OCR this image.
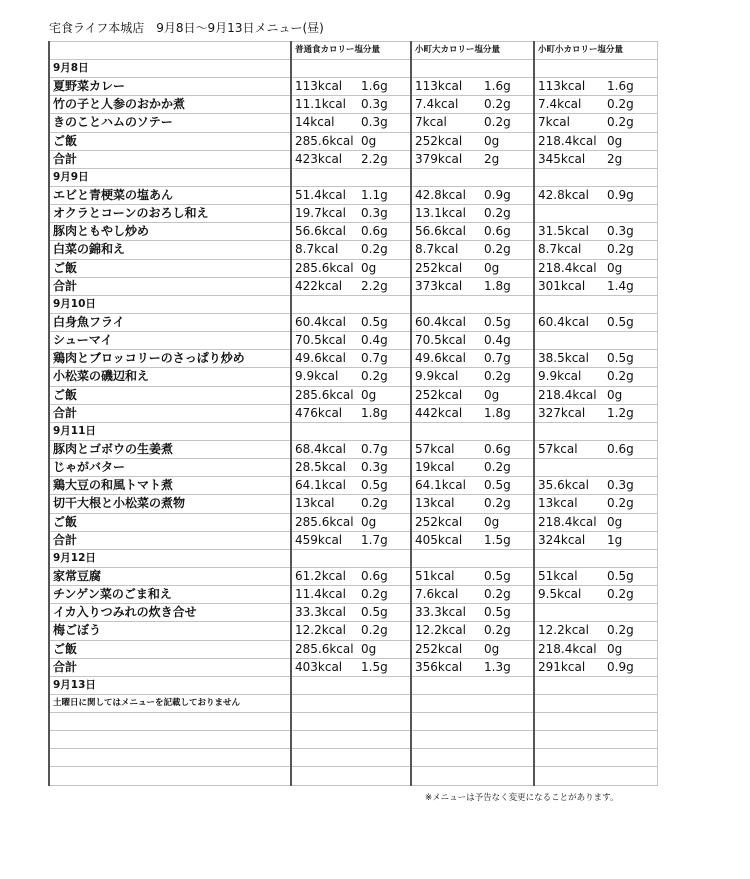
宅食ライフ本城店　9月8日〜9月13日メニュー(昼)
	普通食カロリー塩分量		小町大カロリー塩分量		小町小カロリー塩分量	
9月8日						
夏野菜カレー	113kcal	1.6g	113kcal	1.6g	113kcal	1.6g
竹の子と人参のおかか煮	11.1kcal	0.3g	7.4kcal	0.2g	7.4kcal	0.2g
きのことハムのソテー	14kcal	0.3g	7kcal	0.2g	7kcal	0.2g
ご飯	285.6kcal	0g	252kcal	0g	218.4kcal	0g
合計	423kcal	2.2g	379kcal	2g	345kcal	2g
9月9日						
エビと青梗菜の塩あん	51.4kcal	1.1g	42.8kcal	0.9g	42.8kcal	0.9g
オクラとコーンのおろし和え	19.7kcal	0.3g	13.1kcal	0.2g		
豚肉ともやし炒め	56.6kcal	0.6g	56.6kcal	0.6g	31.5kcal	0.3g
白菜の錦和え	8.7kcal	0.2g	8.7kcal	0.2g	8.7kcal	0.2g
ご飯	285.6kcal	0g	252kcal	0g	218.4kcal	0g
合計	422kcal	2.2g	373kcal	1.8g	301kcal	1.4g
9月10日						
白身魚フライ	60.4kcal	0.5g	60.4kcal	0.5g	60.4kcal	0.5g
シューマイ	70.5kcal	0.4g	70.5kcal	0.4g		
鶏肉とブロッコリーのさっぱり炒め	49.6kcal	0.7g	49.6kcal	0.7g	38.5kcal	0.5g
小松菜の磯辺和え	9.9kcal	0.2g	9.9kcal	0.2g	9.9kcal	0.2g
ご飯	285.6kcal	0g	252kcal	0g	218.4kcal	0g
合計	476kcal	1.8g	442kcal	1.8g	327kcal	1.2g
9月11日						
豚肉とゴボウの生姜煮	68.4kcal	0.7g	57kcal	0.6g	57kcal	0.6g
じゃがバター	28.5kcal	0.3g	19kcal	0.2g		
鶏大豆の和風トマト煮	64.1kcal	0.5g	64.1kcal	0.5g	35.6kcal	0.3g
切干大根と小松菜の煮物	13kcal	0.2g	13kcal	0.2g	13kcal	0.2g
ご飯	285.6kcal	0g	252kcal	0g	218.4kcal	0g
合計	459kcal	1.7g	405kcal	1.5g	324kcal	1g
9月12日						
家常豆腐	61.2kcal	0.6g	51kcal	0.5g	51kcal	0.5g
チンゲン菜のごま和え	11.4kcal	0.2g	7.6kcal	0.2g	9.5kcal	0.2g
イカ入りつみれの炊き合せ	33.3kcal	0.5g	33.3kcal	0.5g		
梅ごぼう	12.2kcal	0.2g	12.2kcal	0.2g	12.2kcal	0.2g
ご飯	285.6kcal	0g	252kcal	0g	218.4kcal	0g
合計	403kcal	1.5g	356kcal	1.3g	291kcal	0.9g
9月13日						
土曜日に関してはメニューを記載しておりません						

※メニューは予告なく変更になることがあります。
